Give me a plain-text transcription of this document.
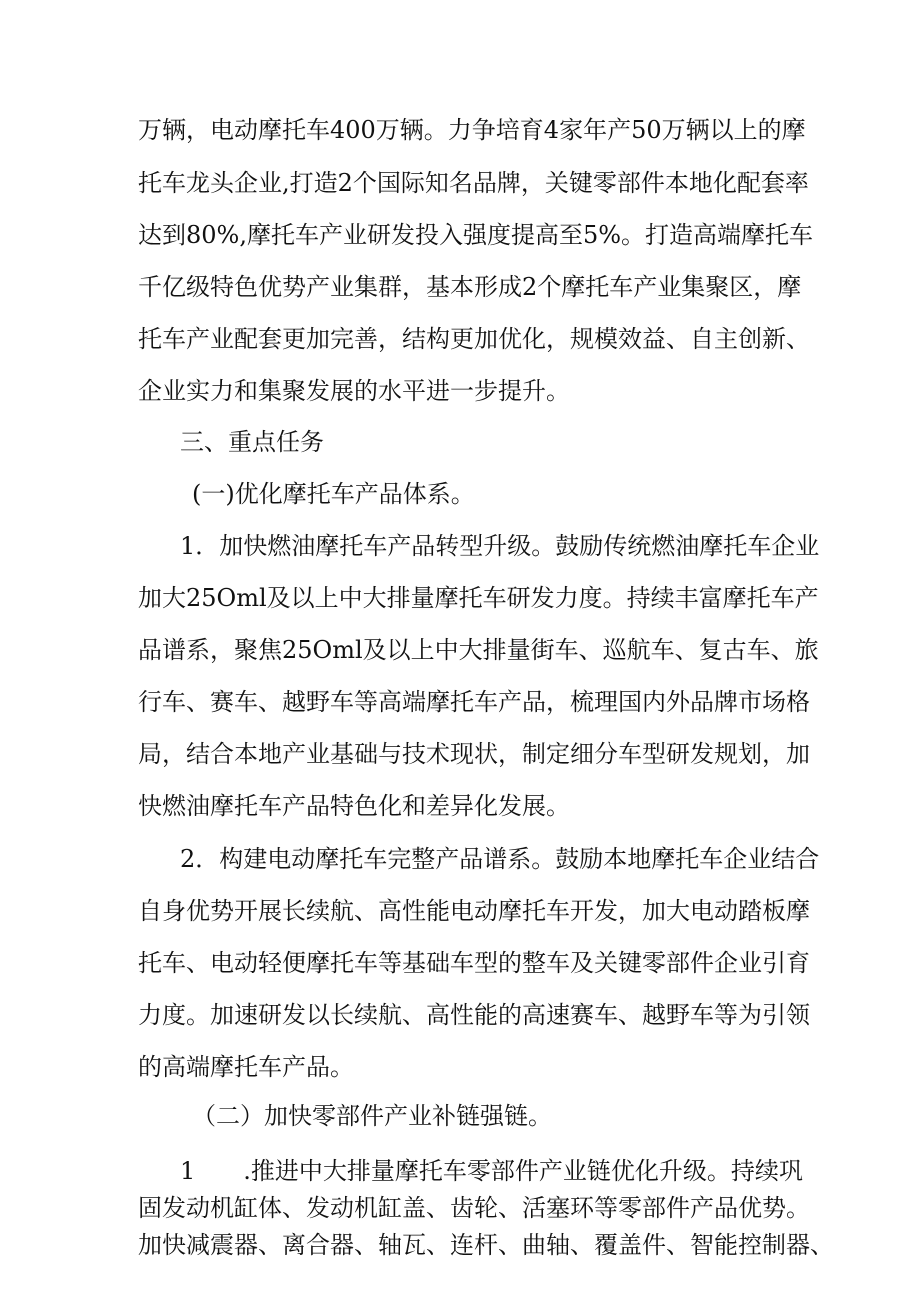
万辆，电动摩托车400万辆。力争培育4家年产50万辆以上的摩
托车龙头企业,打造2个国际知名品牌，关键零部件本地化配套率
达到80%,摩托车产业研发投入强度提高至5%。打造高端摩托车
千亿级特色优势产业集群，基本形成2个摩托车产业集聚区，摩
托车产业配套更加完善，结构更加优化，规模效益、自主创新、
企业实力和集聚发展的水平进一步提升。
三、重点任务
(一)优化摩托车产品体系。
1．加快燃油摩托车产品转型升级。鼓励传统燃油摩托车企业
加大25Oml及以上中大排量摩托车研发力度。持续丰富摩托车产
品谱系，聚焦25Oml及以上中大排量街车、巡航车、复古车、旅
行车、赛车、越野车等高端摩托车产品，梳理国内外品牌市场格
局，结合本地产业基础与技术现状，制定细分车型研发规划，加
快燃油摩托车产品特色化和差异化发展。
2．构建电动摩托车完整产品谱系。鼓励本地摩托车企业结合
自身优势开展长续航、高性能电动摩托车开发，加大电动踏板摩
托车、电动轻便摩托车等基础车型的整车及关键零部件企业引育
力度。加速研发以长续航、高性能的高速赛车、越野车等为引领
的高端摩托车产品。
（二）加快零部件产业补链强链。
1　　.推进中大排量摩托车零部件产业链优化升级。持续巩
固发动机缸体、发动机缸盖、齿轮、活塞环等零部件产品优势。
加快减震器、离合器、轴瓦、连杆、曲轴、覆盖件、智能控制器、
